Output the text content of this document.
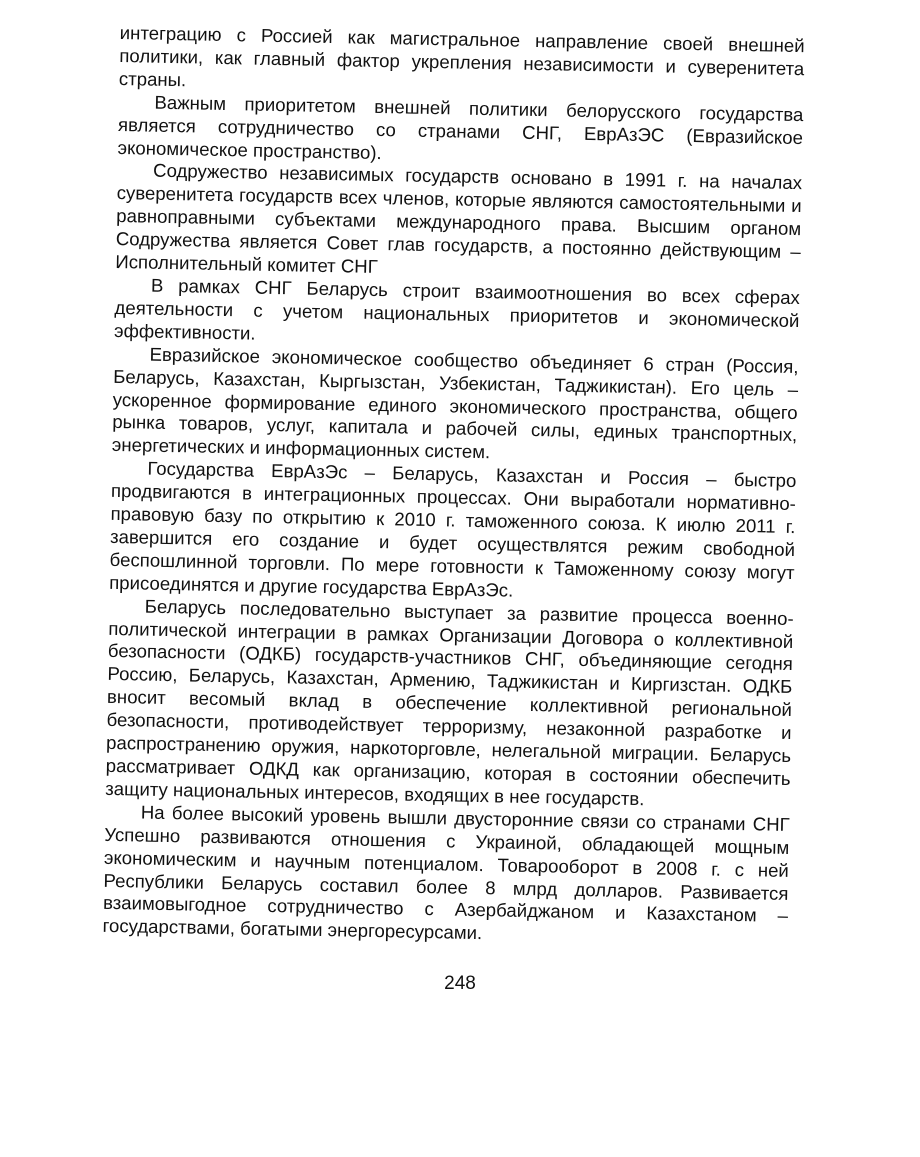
интеграцию с Россией как магистральное направление своей внешней политики, как главный фактор укрепления независимости и суверенитета страны.

Важным приоритетом внешней политики белорусского государства является сотрудничество со странами СНГ, ЕврАзЭС (Евразийское экономическое пространство).

Содружество независимых государств основано в 1991 г. на началах суверенитета государств всех членов, которые являются самостоятельными и равноправными субъектами международного права. Высшим органом Содружества является Совет глав государств, а постоянно действующим – Исполнительный комитет СНГ

В рамках СНГ Беларусь строит взаимоотношения во всех сферах деятельности с учетом национальных приоритетов и экономической эффективности.

Евразийское экономическое сообщество объединяет 6 стран (Россия, Беларусь, Казахстан, Кыргызстан, Узбекистан, Таджикистан). Его цель – ускоренное формирование единого экономического пространства, общего рынка товаров, услуг, капитала и рабочей силы, единых транспортных, энергетических и информационных систем.

Государства ЕврАзЭс – Беларусь, Казахстан и Россия – быстро продвигаются в интеграционных процессах. Они выработали нормативно-правовую базу по открытию к 2010 г. таможенного союза. К июлю 2011 г. завершится его создание и будет осуществлятся режим свободной беспошлинной торговли. По мере готовности к Таможенному союзу могут присоединятся и другие государства ЕврАзЭс.

Беларусь последовательно выступает за развитие процесса военно-политической интеграции в рамках Организации Договора о коллективной безопасности (ОДКБ) государств-участников СНГ, объединяющие сегодня Россию, Беларусь, Казахстан, Армению, Таджикистан и Киргизстан. ОДКБ вносит весомый вклад в обеспечение коллективной региональной безопасности, противодействует терроризму, незаконной разработке и распространению оружия, наркоторговле, нелегальной миграции. Беларусь рассматривает ОДКД как организацию, которая в состоянии обеспечить защиту национальных интересов, входящих в нее государств.

На более высокий уровень вышли двусторонние связи со странами СНГ Успешно развиваются отношения с Украиной, обладающей мощным экономическим и научным потенциалом. Товарооборот в 2008 г. с ней Республики Беларусь составил более 8 млрд долларов. Развивается взаимовыгодное сотрудничество с Азербайджаном и Казахстаном – государствами, богатыми энергоресурсами.

248
